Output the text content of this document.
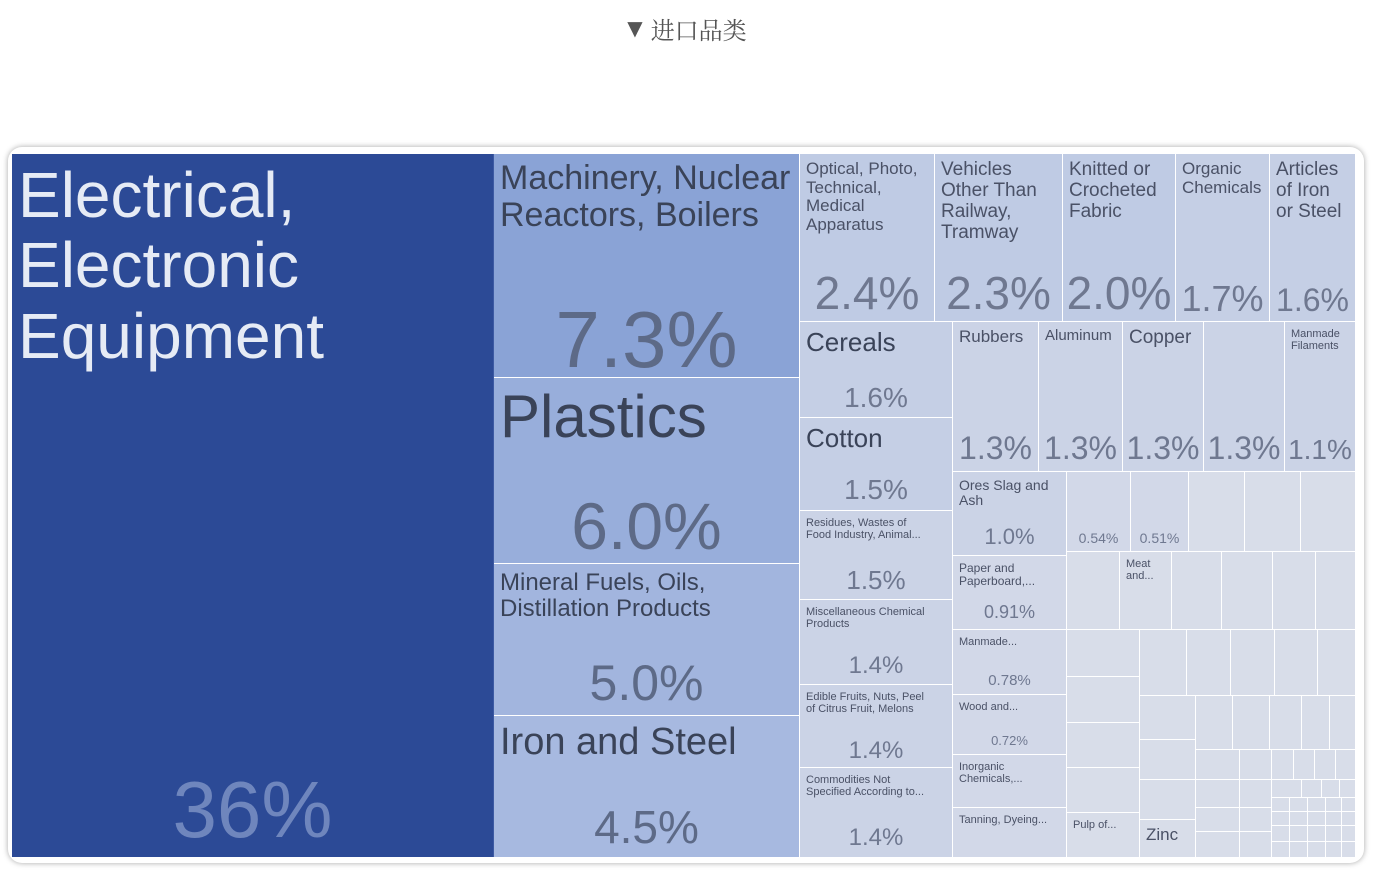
▼ 进口品类
Electrical,
Electronic
Equipment
36%
Machinery, Nuclear
Reactors, Boilers
7.3%
Plastics
6.0%
Mineral Fuels, Oils,
Distillation Products
5.0%
Iron and Steel
4.5%
Optical, Photo,
Technical,
Medical
Apparatus
2.4%
Vehicles
Other Than
Railway,
Tramway
2.3%
Knitted or
Crocheted
Fabric
2.0%
Organic
Chemicals
1.7%
Articles
of Iron
or Steel
1.6%
Cereals
1.6%
Cotton
1.5%
Residues, Wastes of
Food Industry, Animal...
1.5%
Miscellaneous Chemical
Products
1.4%
Edible Fruits, Nuts, Peel
of Citrus Fruit, Melons
1.4%
Commodities Not
Specified According to...
1.4%
Rubbers
1.3%
Aluminum
1.3%
Copper
1.3% 1.3%
Manmade
Filaments
1.1%
Ores Slag and
Ash
1.0%
Paper and
Paperboard,...
0.91%
Manmade...
0.78%
Wood and...
0.72%
Inorganic
Chemicals,...
Tanning, Dyeing...
0.54%	0.51%
Meat
and...
Pulp of...	Zinc
